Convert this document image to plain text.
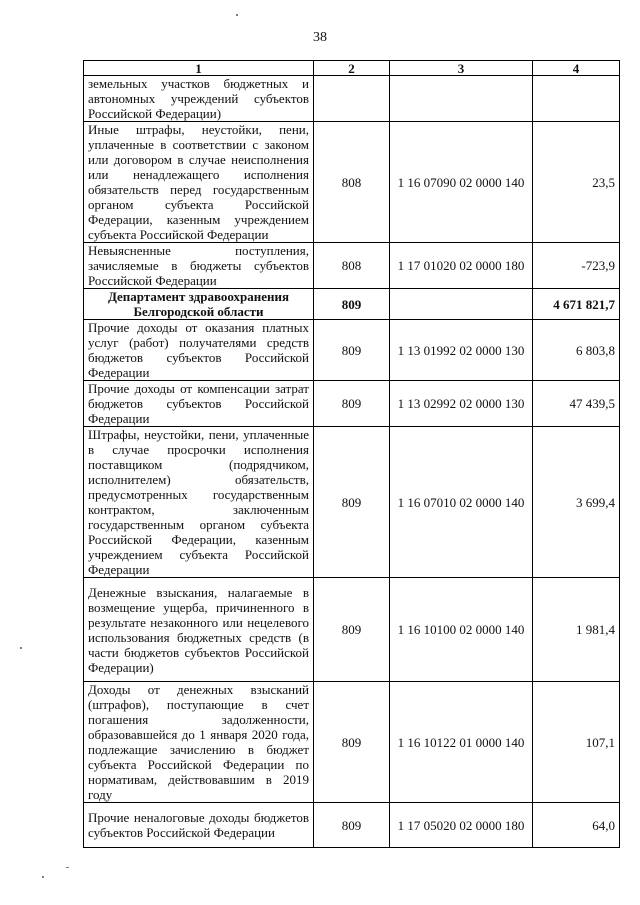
38
1	2	3	4
земельных участков бюджетных и автономных учреждений субъектов Российской Федерации)			
Иные штрафы, неустойки, пени, уплаченные в соответствии с законом или договором в случае неисполнения или ненадлежащего исполнения обязательств перед государственным органом субъекта Российской Федерации, казенным учреждением субъекта Российской Федерации	808	1 16 07090 02 0000 140	23,5
Невыясненные поступления, зачисляемые в бюджеты субъектов Российской Федерации	808	1 17 01020 02 0000 180	-723,9
Департамент здравоохранения Белгородской области	809		4 671 821,7
Прочие доходы от оказания платных услуг (работ) получателями средств бюджетов субъектов Российской Федерации	809	1 13 01992 02 0000 130	6 803,8
Прочие доходы от компенсации затрат бюджетов субъектов Российской Федерации	809	1 13 02992 02 0000 130	47 439,5
Штрафы, неустойки, пени, уплаченные в случае просрочки исполнения поставщиком (подрядчиком, исполнителем) обязательств, предусмотренных государственным контрактом, заключенным государственным органом субъекта Российской Федерации, казенным учреждением субъекта Российской Федерации	809	1 16 07010 02 0000 140	3 699,4
Денежные взыскания, налагаемые в возмещение ущерба, причиненного в результате незаконного или нецелевого использования бюджетных средств (в части бюджетов субъектов Российской Федерации)	809	1 16 10100 02 0000 140	1 981,4
Доходы от денежных взысканий (штрафов), поступающие в счет погашения задолженности, образовавшейся до 1 января 2020 года, подлежащие зачислению в бюджет субъекта Российской Федерации по нормативам, действовавшим в 2019 году	809	1 16 10122 01 0000 140	107,1
Прочие неналоговые доходы бюджетов субъектов Российской Федерации	809	1 17 05020 02 0000 180	64,0
